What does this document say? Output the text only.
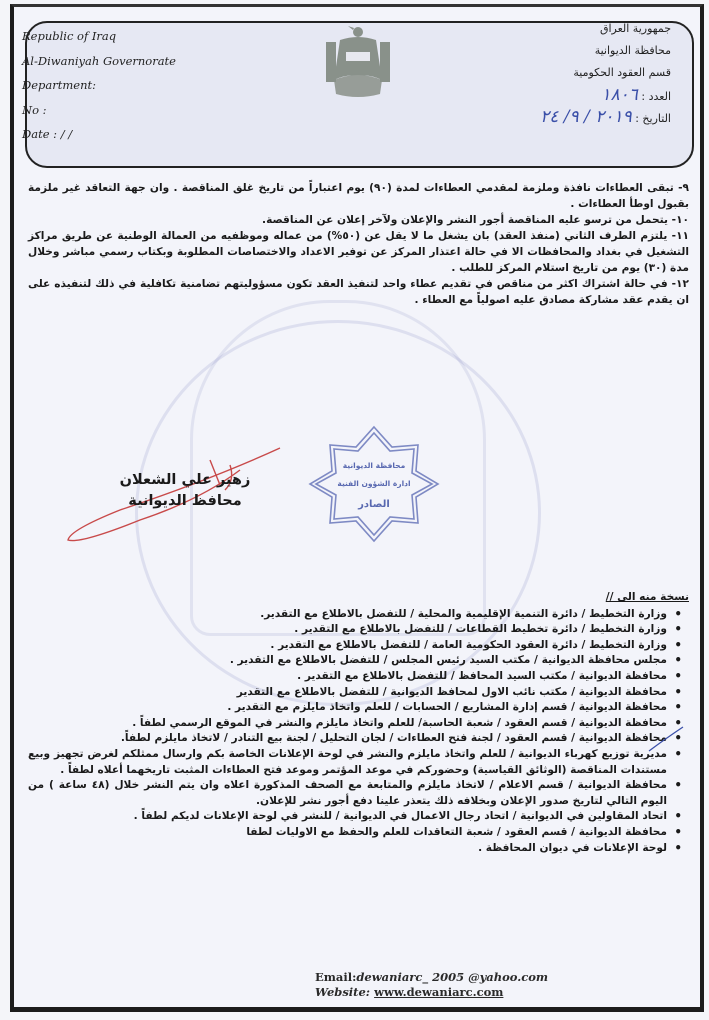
Republic of Iraq
Al-Diwaniyah Governorate
Department:
No :
Date : / /
جمهورية العراق
محافظة الديوانية
قسم العقود الحكومية
العدد : ١٨٠٦
التاريخ : ٢٠١٩ / ٩/ ٢٤

٩- تبقى العطاءات نافذة وملزمة لمقدمي العطاءات لمدة (٩٠) يوم اعتباراً من تاريخ غلق المناقصة . وان جهة التعاقد غير ملزمة بقبول اوطأ العطاءات .

١٠- يتحمل من ترسو عليه المناقصة أجور النشر والإعلان ولآخر إعلان عن المناقصة.

١١- يلتزم الطرف الثاني (منفذ العقد) بان يشغل ما لا يقل عن (٥٠%) من عماله وموظفيه من العمالة الوطنية عن طريق مراكز التشغيل في بغداد والمحافظات الا في حالة اعتذار المركز عن توفير الاعداد والاختصاصات المطلوبة وبكتاب رسمي مباشر وخلال مدة (٣٠) يوم من تاريخ استلام المركز للطلب .

١٢- في حالة اشتراك اكثر من مناقص في تقديم عطاء واحد لتنفيذ العقد تكون مسؤوليتهم تضامنية تكافلية في ذلك لتنفيذه على ان يقدم عقد مشاركة مصادق عليه اصولياً مع العطاء .

محافظة الديوانية
ادارة الشؤون الفنية
الصادر
زهير علي الشعلان
محافظ الديوانية
نسخة منه الى //
• وزارة التخطيط / دائرة التنمية الإقليمية والمحلية / للتفضل بالاطلاع مع التقدير.
• وزارة التخطيط / دائرة تخطيط القطاعات / للتفضل بالاطلاع مع التقدير .
• وزارة التخطيط / دائرة العقود الحكومية العامة / للتفضل بالاطلاع مع التقدير .
• مجلس محافظة الديوانية / مكتب السيد رئيس المجلس / للتفضل بالاطلاع مع التقدير .
• محافظة الديوانية / مكتب السيد المحافظ / للتفضل بالاطلاع مع التقدير .
• محافظة الديوانية / مكتب نائب الاول لمحافظ الديوانية / للتفضل بالاطلاع مع التقدير
• محافظة الديوانية / قسم إدارة المشاريع / الحسابات / للعلم واتخاذ مايلزم مع التقدير .
• محافظة الديوانية / قسم العقود / شعبة الحاسبة/ للعلم واتخاذ مايلزم والنشر في الموقع الرسمي لطفاً .
• محافظة الديوانية / قسم العقود / لجنة فتح العطاءات / لجان التحليل / لجنة بيع التنادر / لاتخاذ مايلزم لطفاً.
• مديرية توزيع كهرباء الديوانية / للعلم واتخاذ مايلزم والنشر في لوحة الإعلانات الخاصة بكم وارسال ممثلكم لغرض تجهيز وبيع مستندات المناقصة (الوثائق القياسية) وحضوركم في موعد المؤتمر وموعد فتح العطاءات المثبت تاريخهما أعلاه لطفاً .
• محافظة الديوانية / قسم الاعلام / لاتخاذ مايلزم والمتابعة مع الصحف المذكورة اعلاه وان يتم النشر خلال (٤٨ ساعة ) من اليوم التالي لتاريخ صدور الإعلان وبخلافه ذلك يتعذر علينا دفع أجور نشر للإعلان.
• اتحاد المقاولين في الديوانية / اتحاد رجال الاعمال في الديوانية / للنشر في لوحة الإعلانات لديكم لطفاً .
• محافظة الديوانية / قسم العقود / شعبة التعاقدات للعلم والحفظ مع الاوليات لطفا
• لوحة الإعلانات في ديوان المحافظة .
Email:dewaniarc_ 2005 @yahoo.com
Website: www.dewaniarc.com
